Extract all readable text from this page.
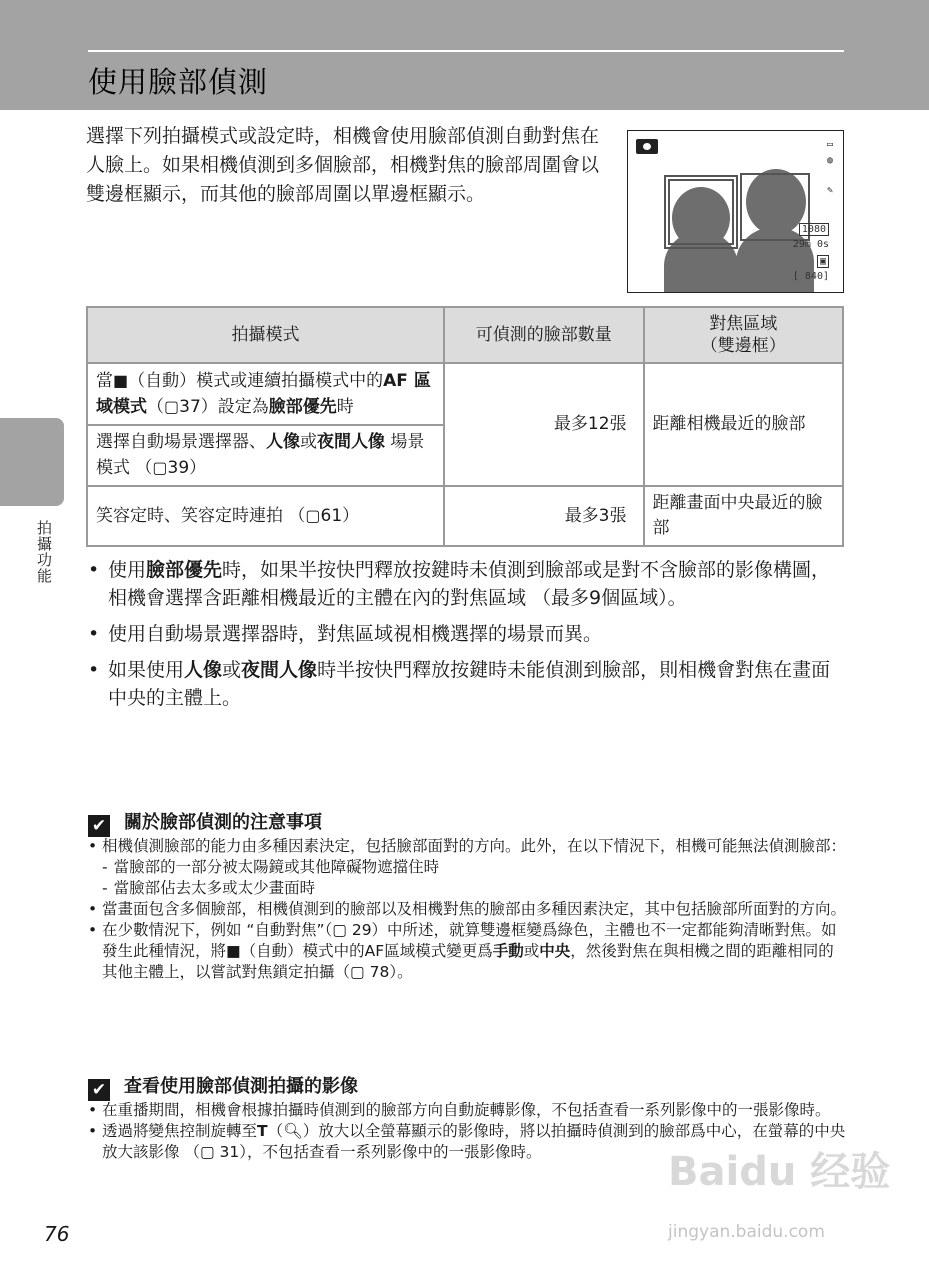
使用臉部偵測
拍攝功能

選擇下列拍攝模式或設定時，相機會使用臉部偵測自動對焦在人臉上。如果相機偵測到多個臉部，相機對焦的臉部周圍會以雙邊框顯示，而其他的臉部周圍以單邊框顯示。

▭
◍
✎
1080
29m 0s
▣
[ 840]
拍攝模式	可偵測的臉部數量	對焦區域
（雙邊框）
當■（自動）模式或連續拍攝模式中的AF 區域模式（▢37）設定為臉部優先時	最多12張	距離相機最近的臉部
選擇自動場景選擇器、人像或夜間人像 場景模式 （▢39）		
笑容定時、笑容定時連拍 （▢61）	最多3張	距離畫面中央最近的臉部
• 使用臉部優先時，如果半按快門釋放按鍵時未偵測到臉部或是對不含臉部的影像構圖，相機會選擇含距離相機最近的主體在內的對焦區域 （最多9個區域）。
• 使用自動場景選擇器時，對焦區域視相機選擇的場景而異。
• 如果使用人像或夜間人像時半按快門釋放按鍵時未能偵測到臉部，則相機會對焦在畫面中央的主體上。
✔ 關於臉部偵測的注意事項
• 相機偵測臉部的能力由多種因素決定，包括臉部面對的方向。此外，在以下情況下，相機可能無法偵測臉部：
- 當臉部的一部分被太陽鏡或其他障礙物遮擋住時
- 當臉部佔去太多或太少畫面時
• 當畫面包含多個臉部，相機偵測到的臉部以及相機對焦的臉部由多種因素決定，其中包括臉部所面對的方向。
• 在少數情況下，例如 “自動對焦”（▢ 29）中所述，就算雙邊框變爲綠色，主體也不一定都能夠清晰對焦。如發生此種情況，將■（自動）模式中的AF區域模式變更爲手動或中央，然後對焦在與相機之間的距離相同的其他主體上，以嘗試對焦鎖定拍攝（▢ 78）。
✔ 查看使用臉部偵測拍攝的影像
• 在重播期間，相機會根據拍攝時偵測到的臉部方向自動旋轉影像，不包括查看一系列影像中的一張影像時。
• 透過將變焦控制旋轉至T（🔍︎）放大以全螢幕顯示的影像時，將以拍攝時偵測到的臉部爲中心，在螢幕的中央放大該影像 （▢ 31），不包括查看一系列影像中的一張影像時。
76
Baidu 经验
jingyan.baidu.com
